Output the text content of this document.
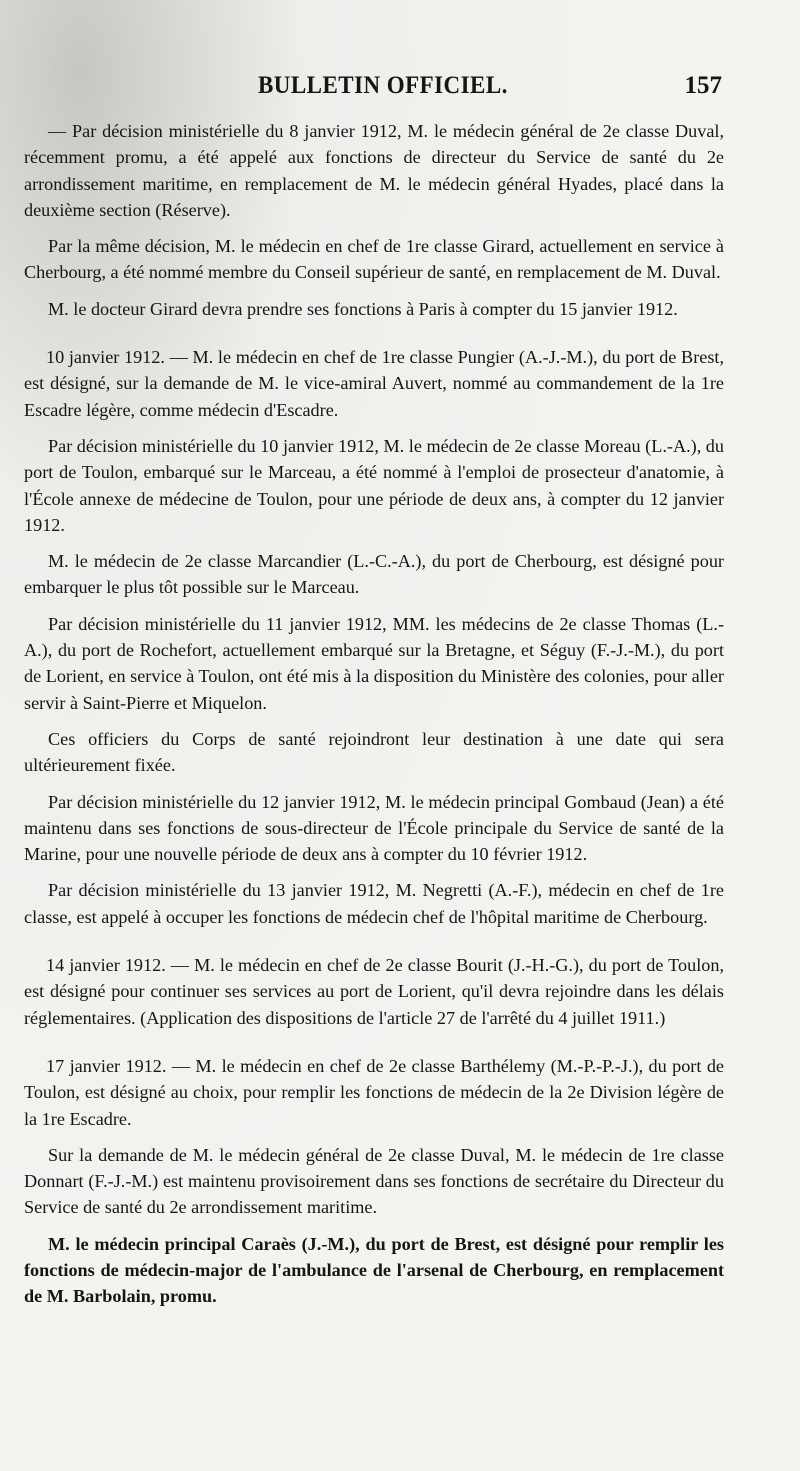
BULLETIN OFFICIEL.	157

— Par décision ministérielle du 8 janvier 1912, M. le médecin général de 2e classe Duval, récemment promu, a été appelé aux fonctions de directeur du Service de santé du 2e arrondissement maritime, en remplacement de M. le médecin général Hyades, placé dans la deuxième section (Réserve).

Par la même décision, M. le médecin en chef de 1re classe Girard, actuellement en service à Cherbourg, a été nommé membre du Conseil supérieur de santé, en remplacement de M. Duval.

M. le docteur Girard devra prendre ses fonctions à Paris à compter du 15 janvier 1912.

10 janvier 1912. — M. le médecin en chef de 1re classe Pungier (A.-J.-M.), du port de Brest, est désigné, sur la demande de M. le vice-amiral Auvert, nommé au commandement de la 1re Escadre légère, comme médecin d'Escadre.

Par décision ministérielle du 10 janvier 1912, M. le médecin de 2e classe Moreau (L.-A.), du port de Toulon, embarqué sur le Marceau, a été nommé à l'emploi de prosecteur d'anatomie, à l'École annexe de médecine de Toulon, pour une période de deux ans, à compter du 12 janvier 1912.

M. le médecin de 2e classe Marcandier (L.-C.-A.), du port de Cherbourg, est désigné pour embarquer le plus tôt possible sur le Marceau.

Par décision ministérielle du 11 janvier 1912, MM. les médecins de 2e classe Thomas (L.-A.), du port de Rochefort, actuellement embarqué sur la Bretagne, et Séguy (F.-J.-M.), du port de Lorient, en service à Toulon, ont été mis à la disposition du Ministère des colonies, pour aller servir à Saint-Pierre et Miquelon.

Ces officiers du Corps de santé rejoindront leur destination à une date qui sera ultérieurement fixée.

Par décision ministérielle du 12 janvier 1912, M. le médecin principal Gombaud (Jean) a été maintenu dans ses fonctions de sous-directeur de l'École principale du Service de santé de la Marine, pour une nouvelle période de deux ans à compter du 10 février 1912.

Par décision ministérielle du 13 janvier 1912, M. Negretti (A.-F.), médecin en chef de 1re classe, est appelé à occuper les fonctions de médecin chef de l'hôpital maritime de Cherbourg.

14 janvier 1912. — M. le médecin en chef de 2e classe Bourit (J.-H.-G.), du port de Toulon, est désigné pour continuer ses services au port de Lorient, qu'il devra rejoindre dans les délais réglementaires. (Application des dispositions de l'article 27 de l'arrêté du 4 juillet 1911.)

17 janvier 1912. — M. le médecin en chef de 2e classe Barthélemy (M.-P.-P.-J.), du port de Toulon, est désigné au choix, pour remplir les fonctions de médecin de la 2e Division légère de la 1re Escadre.

Sur la demande de M. le médecin général de 2e classe Duval, M. le médecin de 1re classe Donnart (F.-J.-M.) est maintenu provisoirement dans ses fonctions de secrétaire du Directeur du Service de santé du 2e arrondissement maritime.

M. le médecin principal Caraès (J.-M.), du port de Brest, est désigné pour remplir les fonctions de médecin-major de l'ambulance de l'arsenal de Cherbourg, en remplacement de M. Barbolain, promu.
